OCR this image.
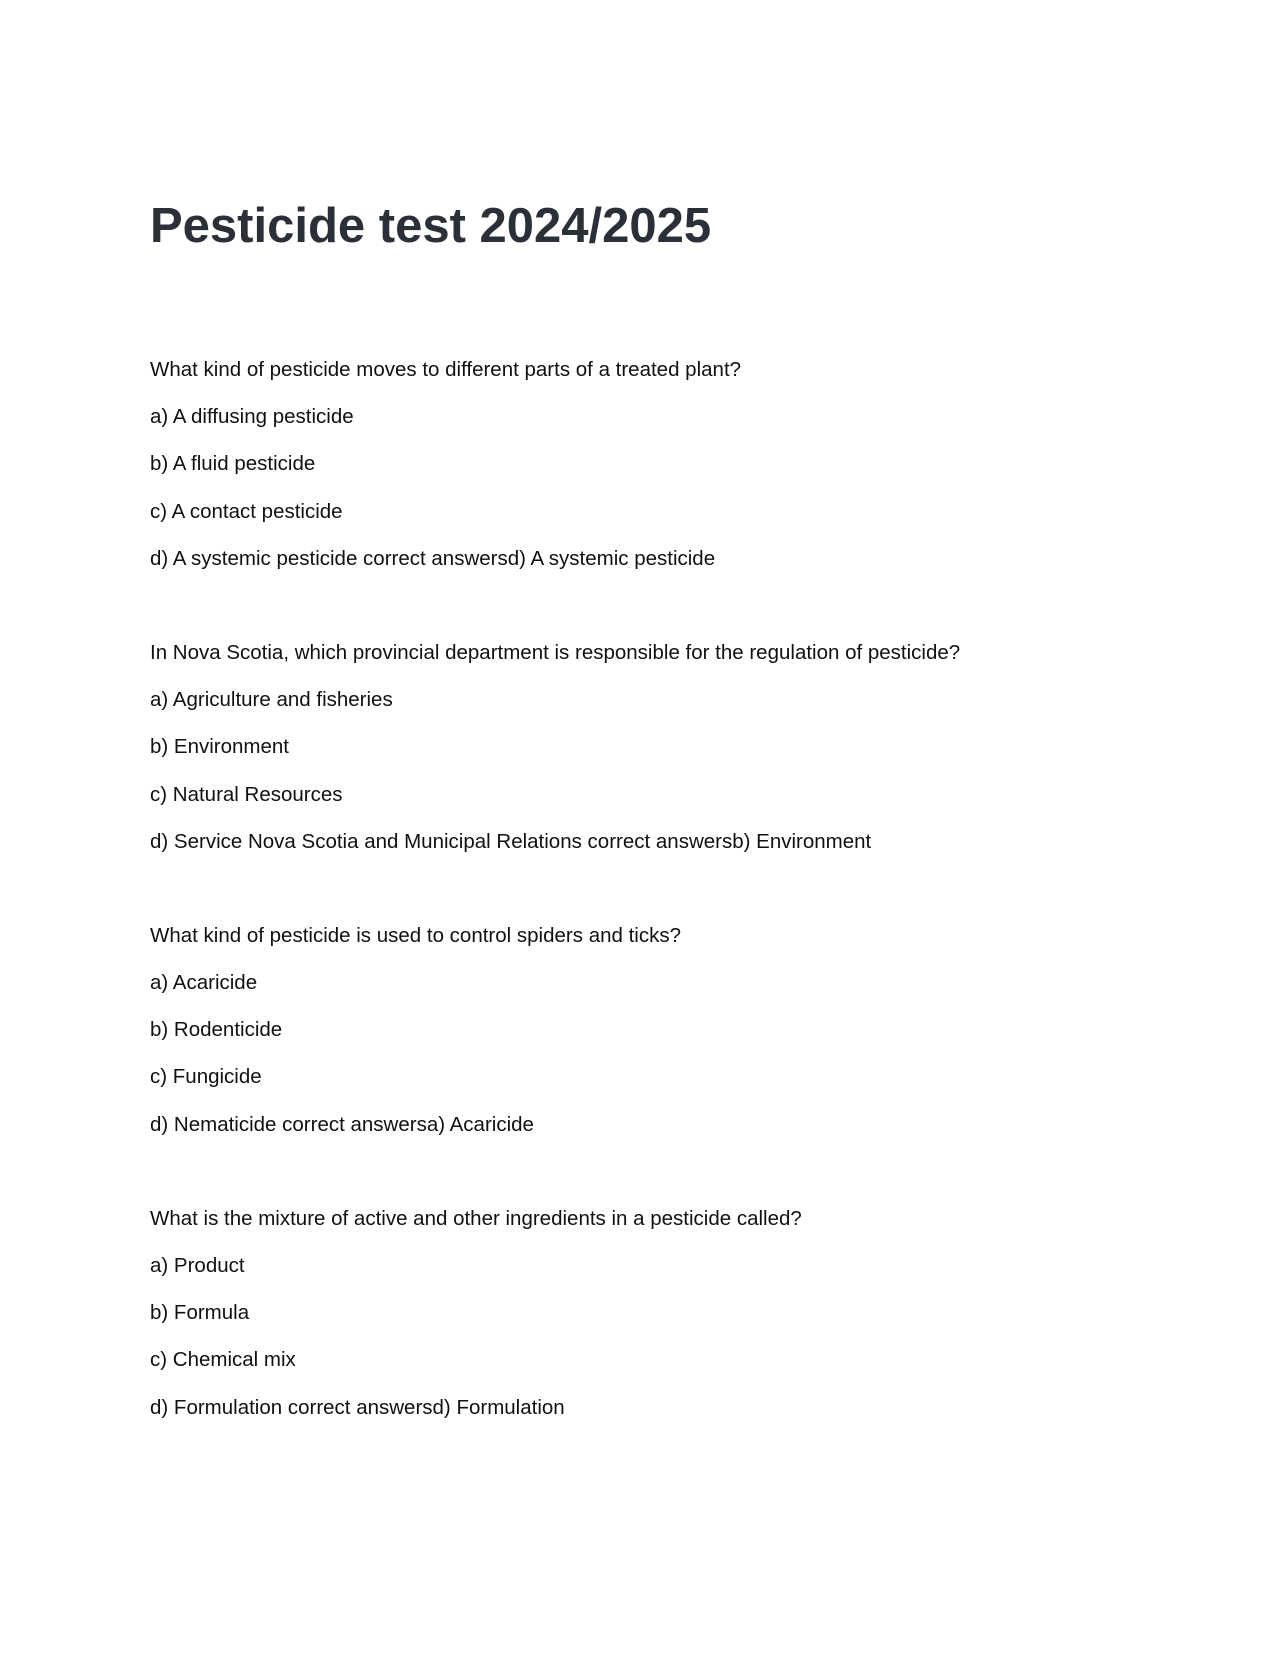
Pesticide test 2024/2025
What kind of pesticide moves to different parts of a treated plant?
a) A diffusing pesticide
b) A fluid pesticide
c) A contact pesticide
d) A systemic pesticide correct answersd) A systemic pesticide
In Nova Scotia, which provincial department is responsible for the regulation of pesticide?
a) Agriculture and fisheries
b) Environment
c) Natural Resources
d) Service Nova Scotia and Municipal Relations correct answersb) Environment
What kind of pesticide is used to control spiders and ticks?
a) Acaricide
b) Rodenticide
c) Fungicide
d) Nematicide correct answersa) Acaricide
What is the mixture of active and other ingredients in a pesticide called?
a) Product
b) Formula
c) Chemical mix
d) Formulation correct answersd) Formulation
